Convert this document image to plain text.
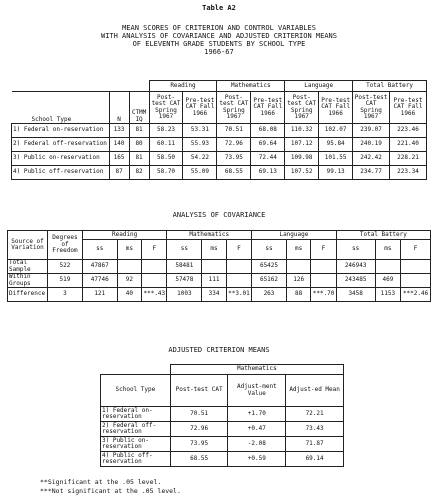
Table A2
MEAN SCORES OF CRITERION AND CONTROL VARIABLES
WITH ANALYSIS OF COVARIANCE AND ADJUSTED CRITERION MEANS
OF ELEVENTH GRADE STUDENTS BY SCHOOL TYPE
1966-67
			Reading		Mathematics		Language		Total Battery	
School Type	N	CTMM IQ	Post-test CAT Spring 1967	Pre-test CAT Fall 1966	Post-test CAT Spring 1967	Pre-test CAT Fall 1966	Post-test CAT Spring 1967	Pre-test CAT Fall 1966	Post-test CAT Spring 1967	Pre-test CAT Fall 1966
1) Federal on-reservation	133	81	58.23	53.31	70.51	68.08	110.32	102.07	239.07	223.46
2) Federal off-reservation	140	80	60.11	55.93	72.96	69.64	107.12	95.84	240.19	221.40
3) Public on-reservation	165	81	58.50	54.22	73.95	72.44	109.98	101.55	242.42	228.21
4) Public off-reservation	87	82	58.70	55.09	68.55	69.13	107.52	99.13	234.77	223.34
ANALYSIS OF COVARIANCE
Source of Variation	Degrees of Freedom	Reading			Mathematics			Language			Total Battery		
		ss	ms	F	ss	ms	F	ss	ms	F	ss	ms	F
Total Sample	522	47867			58481			65425			246943		
Within Groups	519	47746	92		57478	111		65162	126		243485	469	
Difference	3	121	40	***.43	1003	334	**3.01	263	88	***.70	3458	1153	***2.46
ADJUSTED CRITERION MEANS
	Mathematics		
School Type	Post-test CAT	Adjust-ment Value	Adjust-ed Mean
1) Federal on-reservation	70.51	+1.70	72.21
2) Federal off-reservation	72.96	+0.47	73.43
3) Public on-reservation	73.95	-2.08	71.87
4) Public off-reservation	68.55	+0.59	69.14
**Significant at the .05 level.
***Not significant at the .05 level.
